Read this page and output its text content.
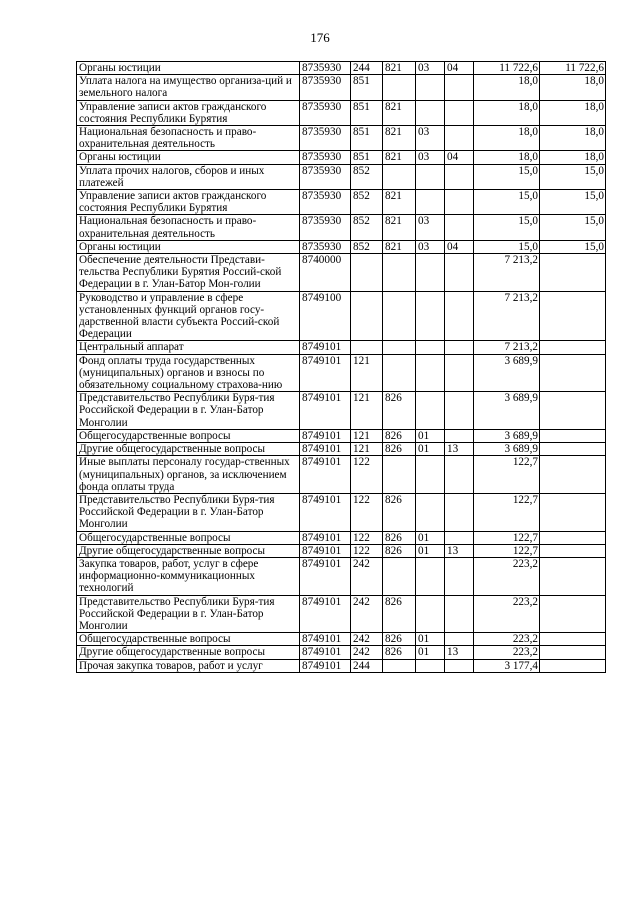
176
Органы юстиции	8735930	244	821	03	04	11 722,6	11 722,6
Уплата налога на имущество организа-ций и земельного налога	8735930	851				18,0	18,0
Управление записи актов гражданского состояния Республики Бурятия	8735930	851	821			18,0	18,0
Национальная безопасность и право-охранительная деятельность	8735930	851	821	03		18,0	18,0
Органы юстиции	8735930	851	821	03	04	18,0	18,0
Уплата прочих налогов, сборов и иных платежей	8735930	852				15,0	15,0
Управление записи актов гражданского состояния Республики Бурятия	8735930	852	821			15,0	15,0
Национальная безопасность и право-охранительная деятельность	8735930	852	821	03		15,0	15,0
Органы юстиции	8735930	852	821	03	04	15,0	15,0
Обеспечение деятельности Представи-тельства Республики Бурятия Россий-ской Федерации в г. Улан-Батор Мон-голии	8740000					7 213,2	
Руководство и управление в сфере установленных функций органов госу-дарственной власти субъекта Россий-ской Федерации	8749100					7 213,2	
Центральный аппарат	8749101					7 213,2	
Фонд оплаты труда государственных (муниципальных) органов и взносы по обязательному социальному страхова-нию	8749101	121				3 689,9	
Представительство Республики Буря-тия Российской Федерации в г. Улан-Батор Монголии	8749101	121	826			3 689,9	
Общегосударственные вопросы	8749101	121	826	01		3 689,9	
Другие общегосударственные вопросы	8749101	121	826	01	13	3 689,9	
Иные выплаты персоналу государ-ственных (муниципальных) органов, за исключением фонда оплаты труда	8749101	122				122,7	
Представительство Республики Буря-тия Российской Федерации в г. Улан-Батор Монголии	8749101	122	826			122,7	
Общегосударственные вопросы	8749101	122	826	01		122,7	
Другие общегосударственные вопросы	8749101	122	826	01	13	122,7	
Закупка товаров, работ, услуг в сфере информационно-коммуникационных технологий	8749101	242				223,2	
Представительство Республики Буря-тия Российской Федерации в г. Улан-Батор Монголии	8749101	242	826			223,2	
Общегосударственные вопросы	8749101	242	826	01		223,2	
Другие общегосударственные вопросы	8749101	242	826	01	13	223,2	
Прочая закупка товаров, работ и услуг	8749101	244				3 177,4	
